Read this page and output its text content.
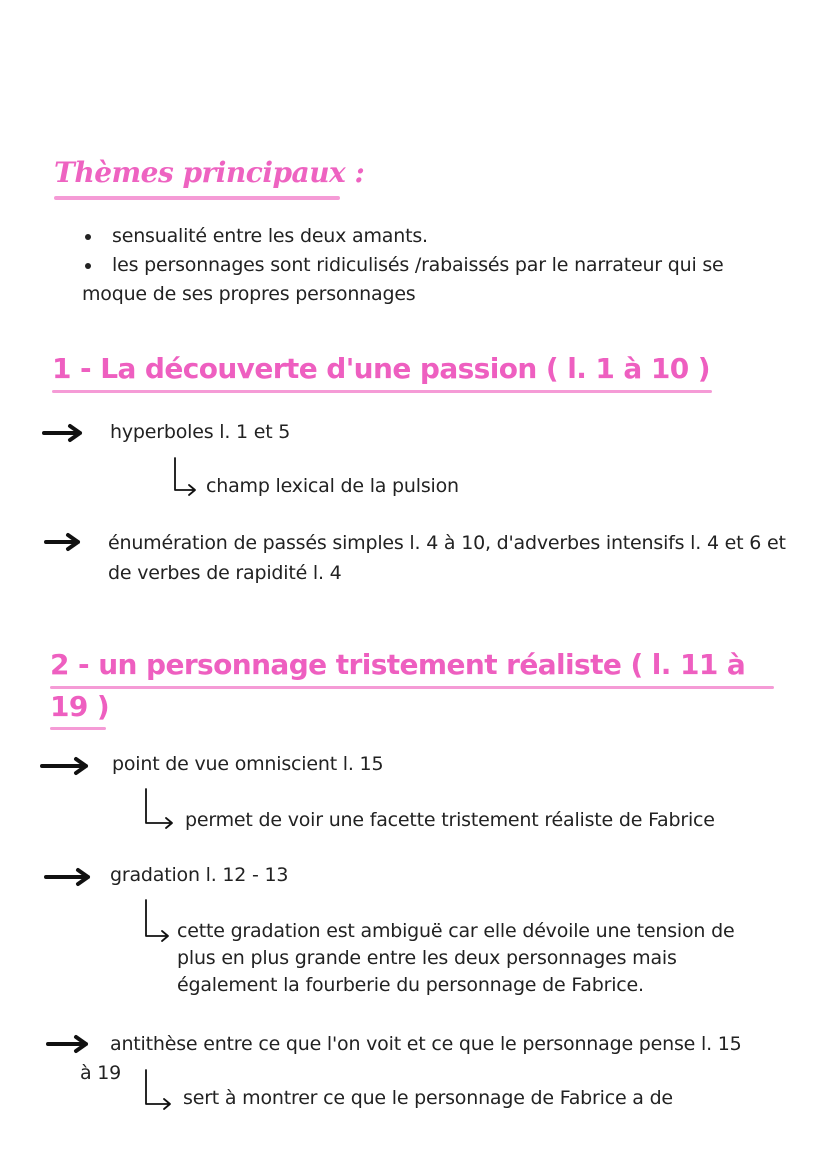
Thèmes principaux :
sensualité entre les deux amants.
les personnages sont ridiculisés /rabaissés par le narrateur qui se
moque de ses propres personnages
1 - La découverte d'une passion ( l. 1 à 10 )
hyperboles l. 1 et 5
champ lexical de la pulsion
énumération de passés simples l. 4 à 10, d'adverbes intensifs l. 4 et 6 et
de verbes de rapidité l. 4
2 - un personnage tristement réaliste ( l. 11 à
19 )
point de vue omniscient l. 15
permet de voir une facette tristement réaliste de Fabrice
gradation l. 12 - 13
cette gradation est ambiguë car elle dévoile une tension de
plus en plus grande entre les deux personnages mais
également la fourberie du personnage de Fabrice.
antithèse entre ce que l'on voit et ce que le personnage pense l. 15
à 19
sert à montrer ce que le personnage de Fabrice a de
